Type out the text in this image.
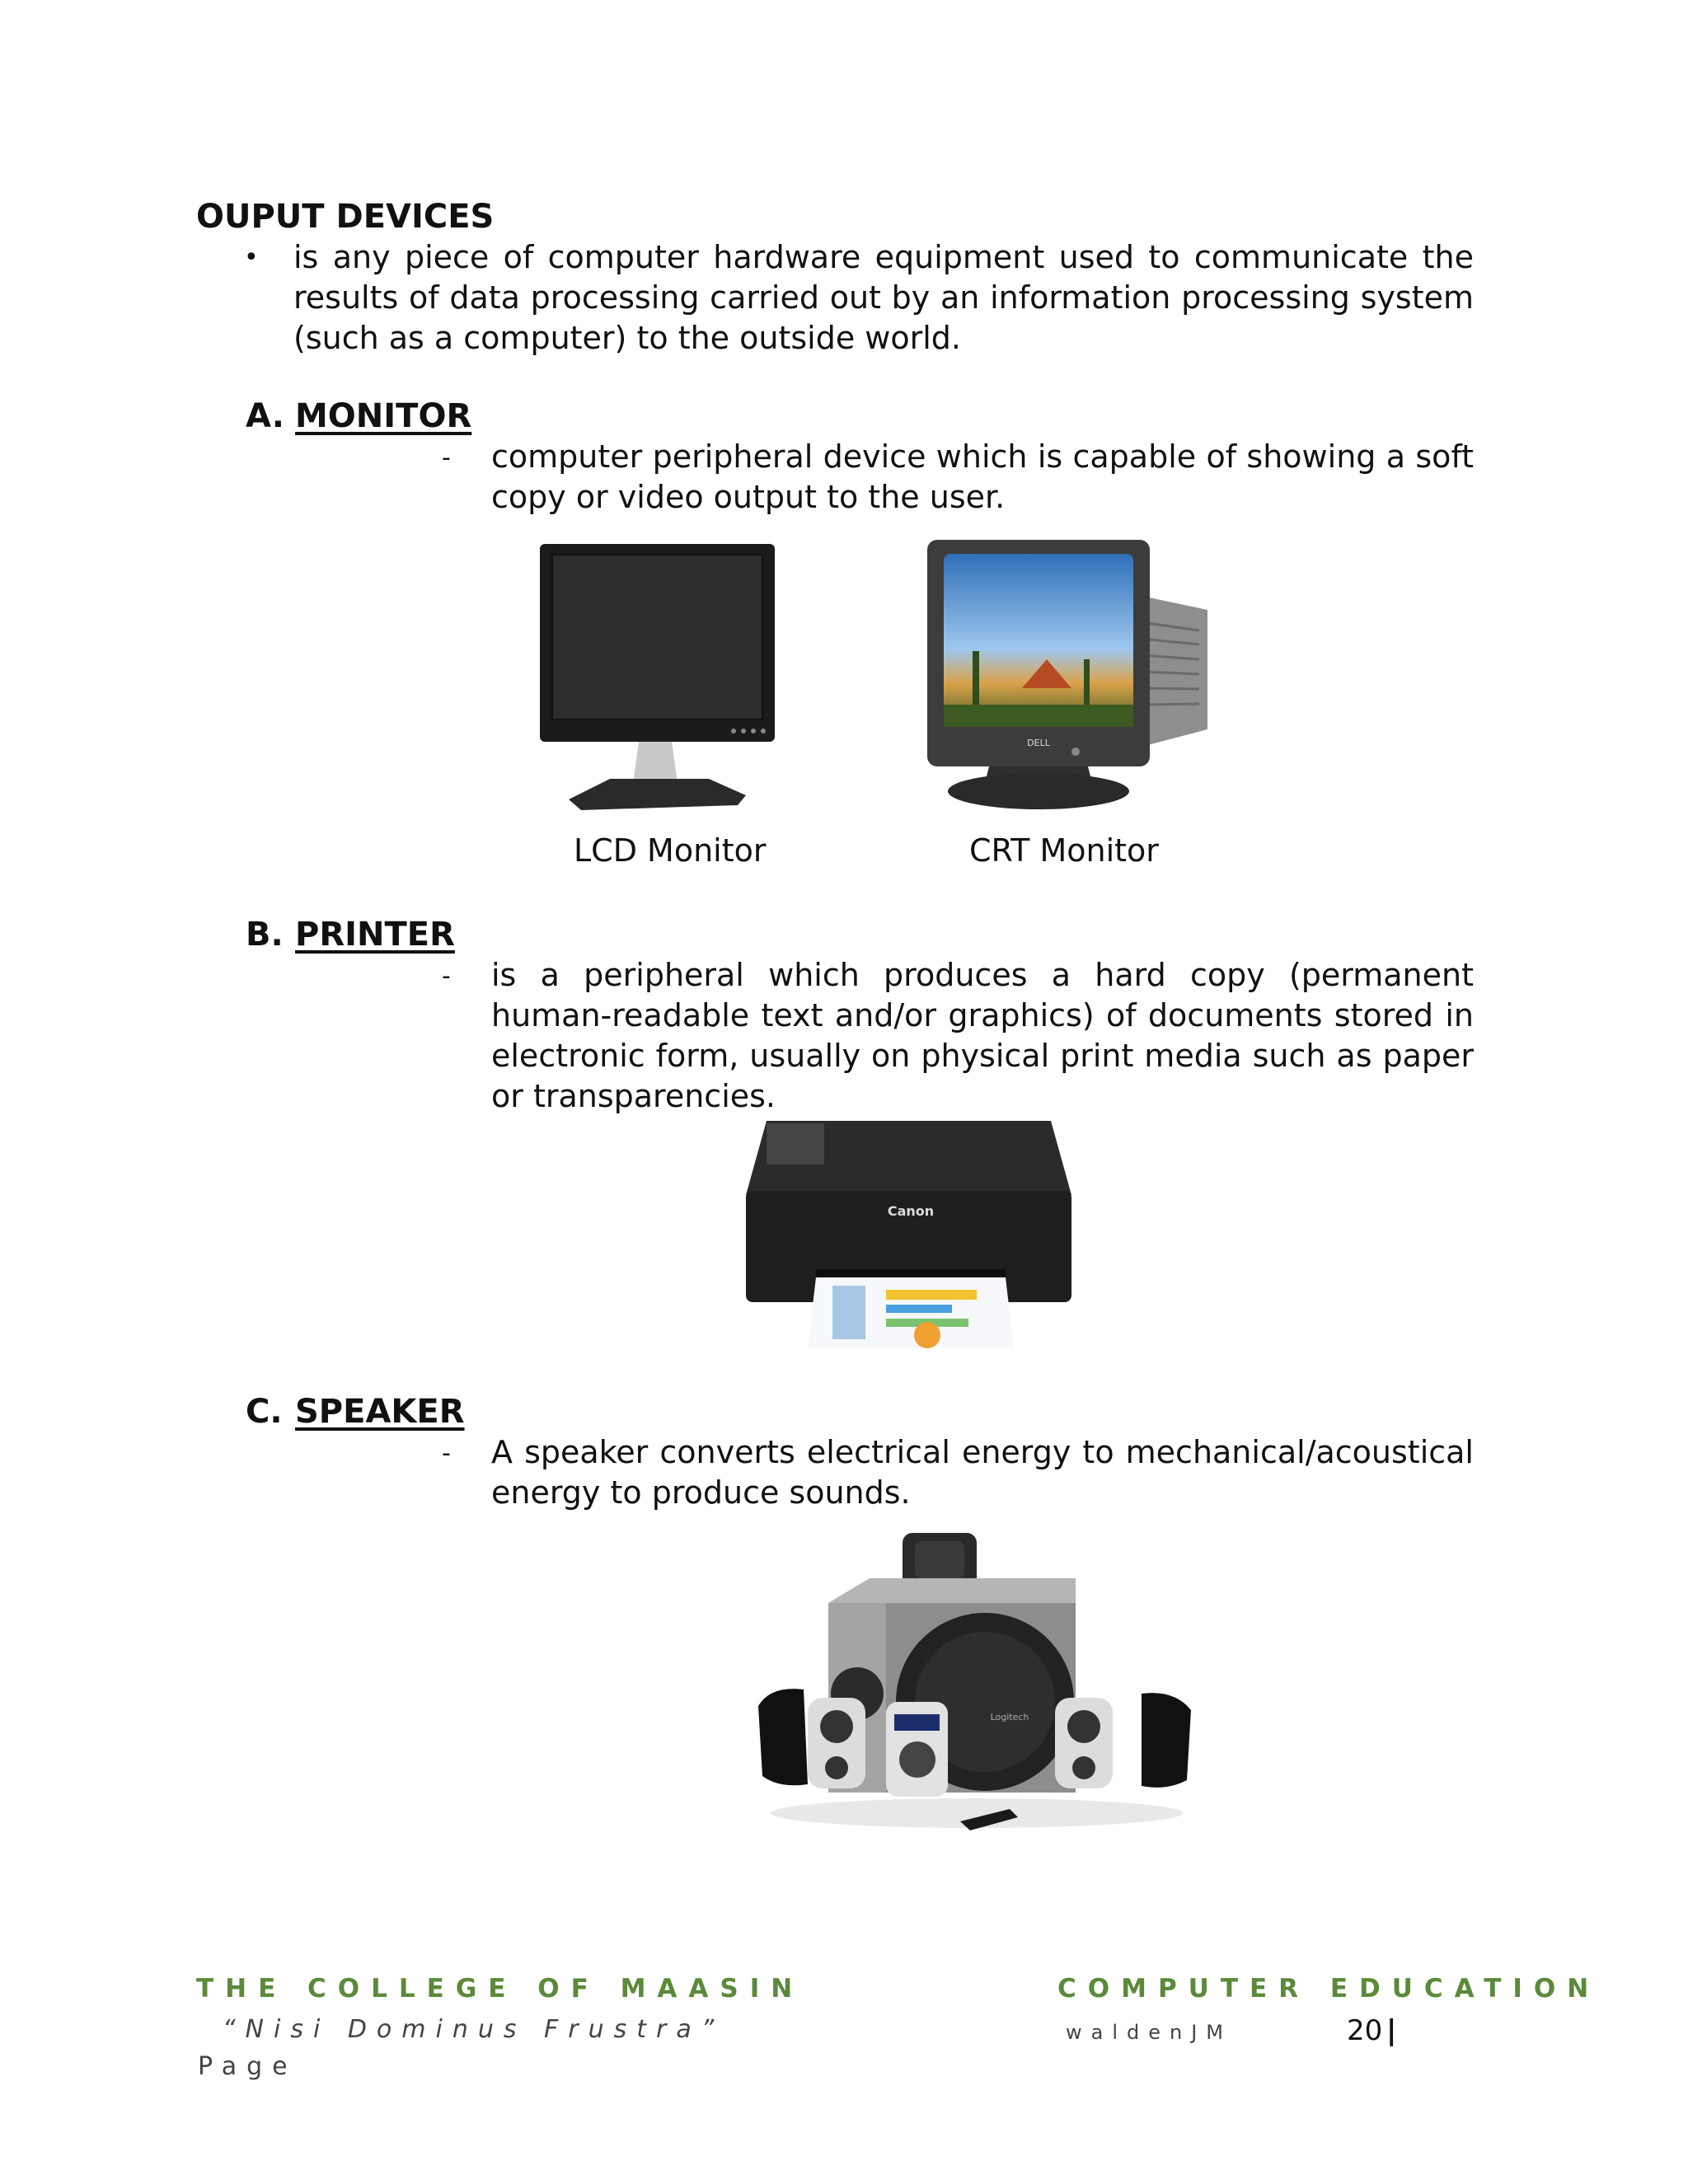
OUPUT DEVICES
• is any piece of computer hardware equipment used to communicate the results of data processing carried out by an information processing system (such as a computer) to the outside world.
A. MONITOR
- computer peripheral device which is capable of showing a soft copy or video output to the user.
DELL
LCD Monitor	CRT Monitor
B. PRINTER
- is a peripheral which produces a hard copy (permanent human-readable text and/or graphics) of documents stored in electronic form, usually on physical print media such as paper or transparencies.
Canon
C. SPEAKER
- A speaker converts electrical energy to mechanical/acoustical energy to produce sounds.
Logitech
THE COLLEGE OF MAASIN
“Nisi Dominus Frustra”
Page
COMPUTER EDUCATION
waldenJM	20 |
